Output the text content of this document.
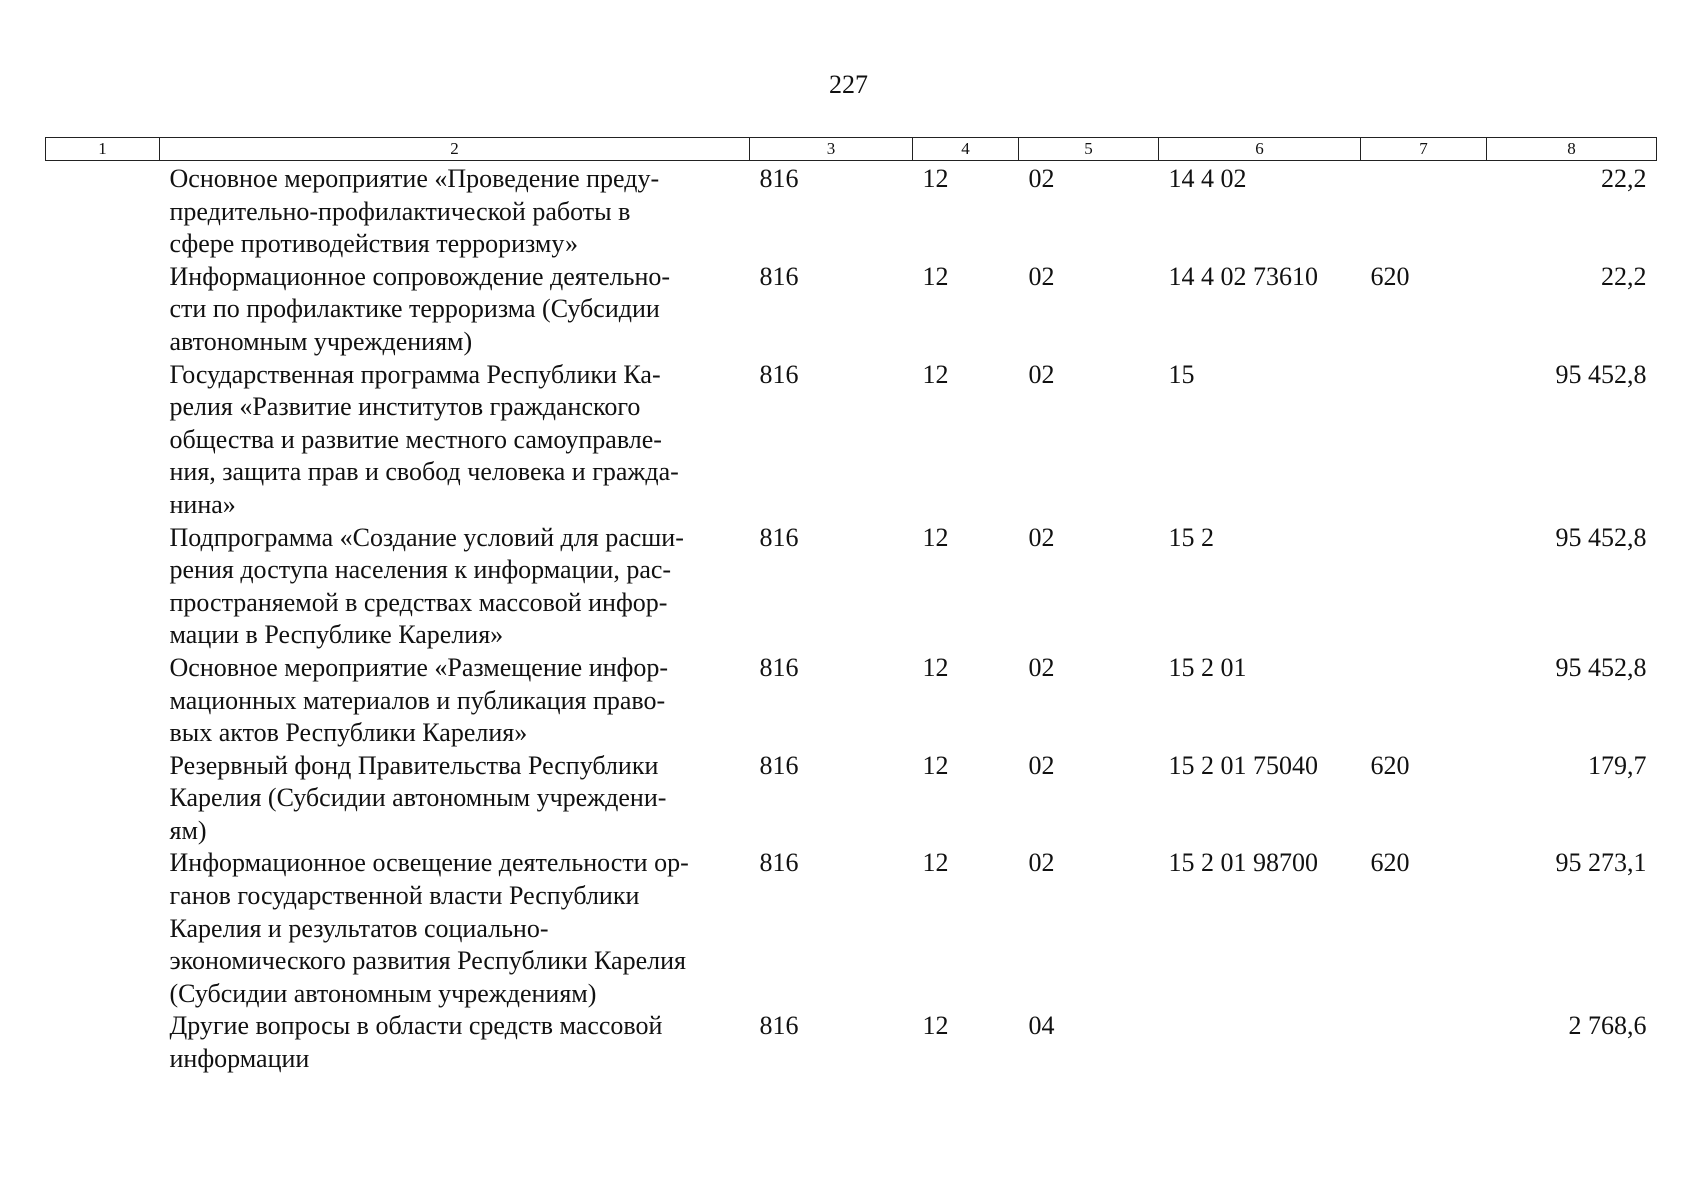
227
1	2	3	4	5	6	7	8
	Основное мероприятие «Проведение преду-
предительно-профилактической работы в
сфере противодействия терроризму»	816	12	02	14 4 02		22,2
	Информационное сопровождение деятельно-
сти по профилактике терроризма (Субсидии
автономным учреждениям)	816	12	02	14 4 02 73610	620	22,2
	Государственная программа Республики Ка-
релия «Развитие институтов гражданского
общества и развитие местного самоуправле-
ния, защита прав и свобод человека и гражда-
нина»	816	12	02	15		95 452,8
	Подпрограмма «Создание условий для расши-
рения доступа населения к информации, рас-
пространяемой в средствах массовой инфор-
мации в Республике Карелия»	816	12	02	15 2		95 452,8
	Основное мероприятие «Размещение инфор-
мационных материалов и публикация право-
вых актов Республики Карелия»	816	12	02	15 2 01		95 452,8
	Резервный фонд Правительства Республики
Карелия (Субсидии автономным учреждени-
ям)	816	12	02	15 2 01 75040	620	179,7
	Информационное освещение деятельности ор-
ганов государственной власти Республики
Карелия и результатов социально-
экономического развития Республики Карелия
(Субсидии автономным учреждениям)	816	12	02	15 2 01 98700	620	95 273,1
	Другие вопросы в области средств массовой
информации	816	12	04			2 768,6
